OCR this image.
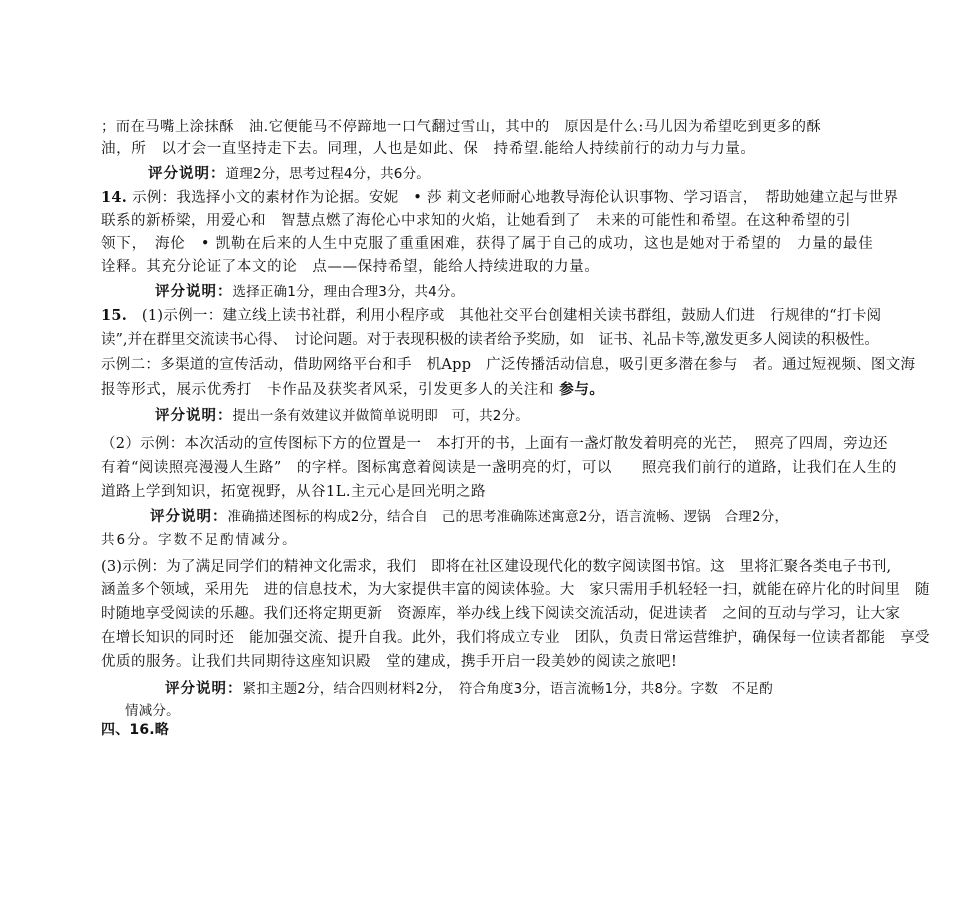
；而在马嘴上涂抹酥　油.它便能马不停蹄地一口气翻过雪山，其中的　原因是什么:马儿因为希望吃到更多的酥
油，所　以才会一直坚持走下去。同理，人也是如此、保　持希望.能给人持续前行的动力与力量。
评分说明：道理2分，思考过程4分，共6分。
14. 示例：我选择小文的素材作为论据。安妮　• 莎 莉文老师耐心地教导海伦认识事物、学习语言，　帮助她建立起与世界
联系的新桥梁，用爱心和　智慧点燃了海伦心中求知的火焰，让她看到了　未来的可能性和希望。在这种希望的引
领下，　海伦　• 凯勒在后来的人生中克服了重重困难，获得了属于自己的成功，这也是她对于希望的　力量的最佳
诠释。其充分论证了本文的论　点——保持希望，能给人持续进取的力量。
评分说明：选择正确1分，理由合理3分，共4分。
15. (1)示例一：建立线上读书社群，利用小程序或　其他社交平台创建相关读书群组，鼓励人们进　行规律的“打卡阅
读”,并在群里交流读书心得、　讨论问题。对于表现积极的读者给予奖励，如　证书、礼品卡等,激发更多人阅读的积极性。
示例二：多渠道的宣传活动，借助网络平台和手　机App　广泛传播活动信息，吸引更多潜在参与　者。通过短视频、图文海
报等形式，展示优秀打　卡作品及获奖者风采，引发更多人的关注和 参与。
评分说明：提出一条有效建议并做简单说明即　可，共2分。
（2）示例：本次活动的宣传图标下方的位置是一　本打开的书，上面有一盏灯散发着明亮的光芒，　照亮了四周，旁边还
有着“阅读照亮漫漫人生路”　的字样。图标寓意着阅读是一盏明亮的灯，可以　　照亮我们前行的道路，让我们在人生的
道路上学到知识，拓宽视野，从谷1L.主元心是回光明之路
评分说明：准确描述图标的构成2分，结合自　己的思考准确陈述寓意2分，语言流畅、逻锅　合理2分，
共6分。字数不足酌情减分。
(3)示例：为了满足同学们的精神文化需求，我们　即将在社区建设现代化的数字阅读图书馆。这　里将汇聚各类电子书刊,
涵盖多个领域，采用先　进的信息技术，为大家提供丰富的阅读体验。大　家只需用手机轻轻一扫，就能在碎片化的时间里　随
时随地享受阅读的乐趣。我们还将定期更新　资源库，举办线上线下阅读交流活动，促进读者　之间的互动与学习，让大家
在增长知识的同时还　能加强交流、提升自我。此外，我们将成立专业　团队，负责日常运营维护，确保每一位读者都能　享受
优质的服务。让我们共同期待这座知识殿　堂的建成，携手开启一段美妙的阅读之旅吧!
评分说明：紧扣主题2分，结合四则材料2分，　符合角度3分，语言流畅1分，共8分。字数　不足酌
情减分。
四、16.略
